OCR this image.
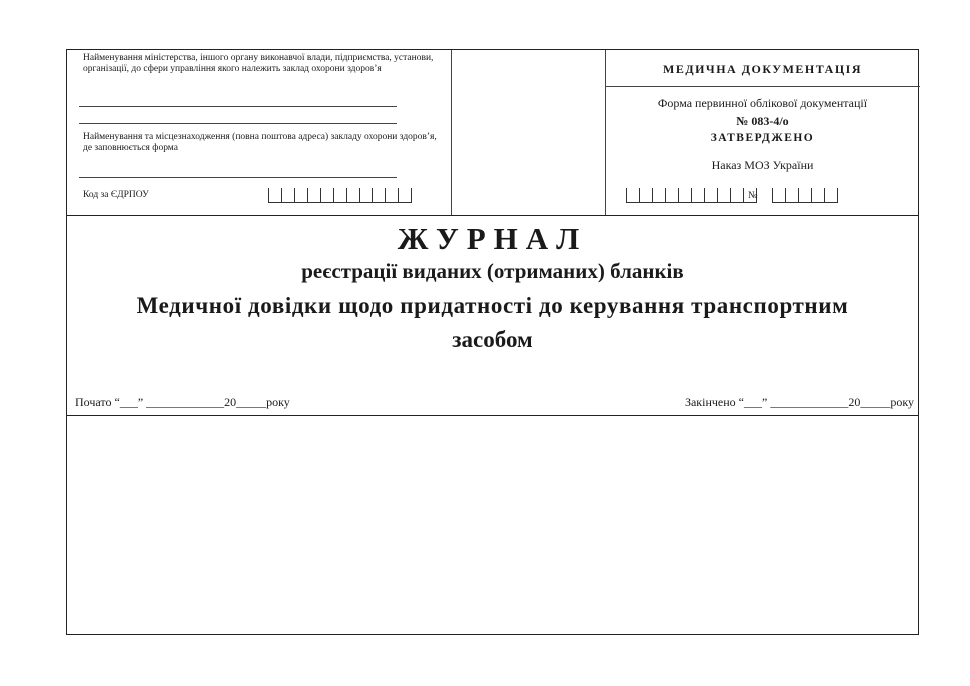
Найменування міністерства, іншого органу виконавчої влади, підприємства, установи, організації, до сфери управління якого належить заклад охорони здоров’я
Найменування та місцезнаходження (повна поштова адреса) закладу охорони здоров’я, де заповнюється форма
Код за ЄДРПОУ
МЕДИЧНА ДОКУМЕНТАЦІЯ
Форма первинної облікової документації
№ 083-4/о
ЗАТВЕРДЖЕНО
Наказ МОЗ України
№
ЖУРНАЛ
реєстрації виданих (отриманих) бланків
Медичної довідки щодо придатності до керування транспортним
засобом
Почато “___” _____________20_____року	Закінчено “___” _____________20_____року
